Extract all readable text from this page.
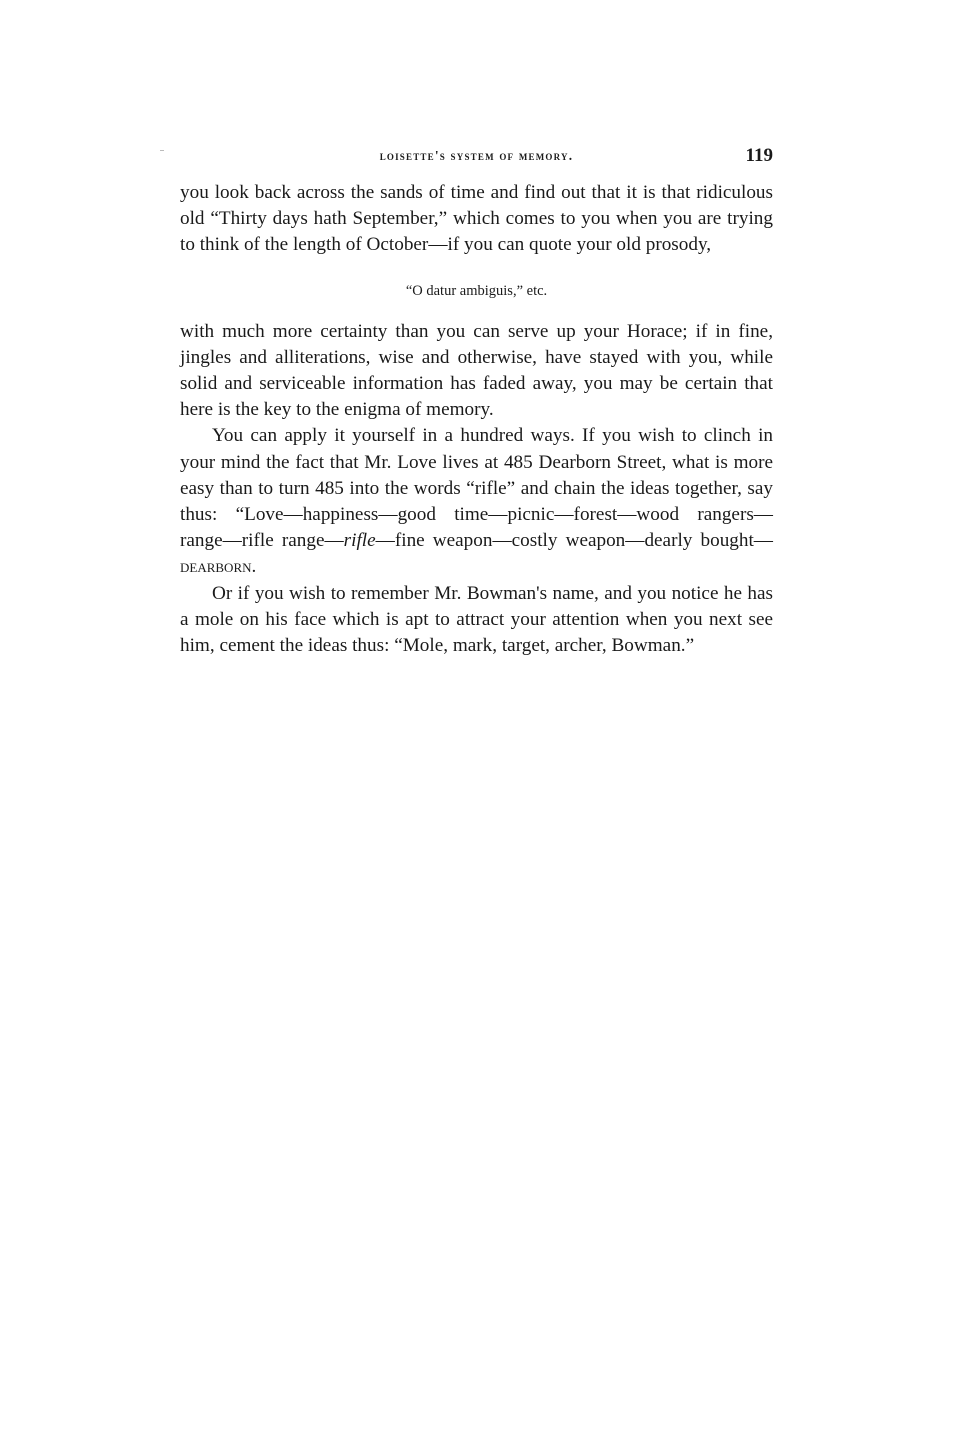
loisette's system of memory.	119

you look back across the sands of time and find out that it is that ridiculous old “Thirty days hath September,” which comes to you when you are trying to think of the length of October—if you can quote your old prosody,

“O datur ambiguis,” etc.

with much more certainty than you can serve up your Horace; if in fine, jingles and alliterations, wise and otherwise, have stayed with you, while solid and serviceable information has faded away, you may be certain that here is the key to the enigma of memory.

You can apply it yourself in a hundred ways. If you wish to clinch in your mind the fact that Mr. Love lives at 485 Dearborn Street, what is more easy than to turn 485 into the words “rifle” and chain the ideas together, say thus: “Love—happiness—good time—picnic—forest—wood rangers—range—rifle range—rifle—fine weapon—costly weapon—dearly bought—dearborn.

Or if you wish to remember Mr. Bowman's name, and you notice he has a mole on his face which is apt to attract your attention when you next see him, cement the ideas thus: “Mole, mark, target, archer, Bowman.”
